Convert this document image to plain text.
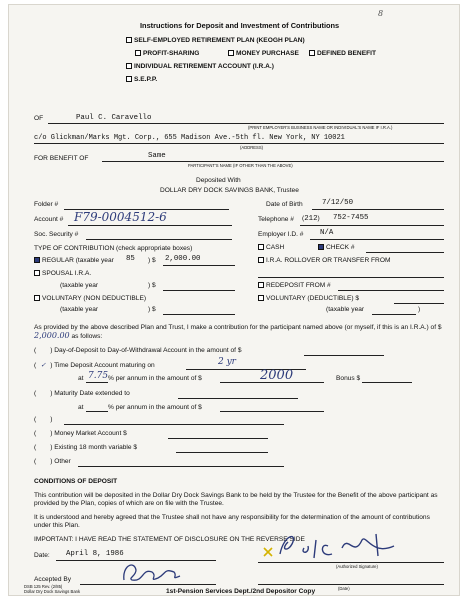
8
Instructions for Deposit and Investment of Contributions
SELF-EMPLOYED RETIREMENT PLAN (KEOGH PLAN)
PROFIT-SHARING	MONEY PURCHASE	DEFINED BENEFIT
INDIVIDUAL RETIREMENT ACCOUNT (I.R.A.)
S.E.P.P.
OF	Paul C. Caravello
(PRINT EMPLOYER'S BUSINESS NAME OR INDIVIDUAL'S NAME IF I.R.A.)
c/o Glickman/Marks Mgt. Corp., 655 Madison Ave.-5th fl. New York, NY 10021
(ADDRESS)
FOR BENEFIT OF	Same
PARTICIPANT'S NAME (IF OTHER THAN THE ABOVE)
Deposited With
DOLLAR DRY DOCK SAVINGS BANK, Trustee
Folder #	Date of Birth	7/12/50
Account # F79-0004512-6	Telephone # (212) 752-7455
Soc. Security #	Employer I.D. # N/A
TYPE OF CONTRIBUTION (check appropriate boxes)	CASH	CHECK #
REGULAR (taxable year 85 ) $ 2,000.00	I.R.A. ROLLOVER OR TRANSFER FROM
SPOUSAL I.R.A.
(taxable year	) $	REDEPOSIT FROM #
VOLUNTARY (NON DEDUCTIBLE)
(taxable year	) $
VOLUNTARY (DEDUCTIBLE) $
(taxable year	)
As provided by the above described Plan and Trust, I make a contribution for the participant named above (or myself, if this is an I.R.A.) of $ 2,000.00 as follows:
( ) Day-of-Deposit to Day-of-Withdrawal Account in the amount of $
( ✓ ) Time Deposit Account maturing on	2 yr
at 7.75 % per annum in the amount of $	2000	Bonus $
( ) Maturity Date extended to
at	% per annum in the amount of $
( )
( ) Money Market Account $
( ) Existing 18 month variable $
( ) Other
CONDITIONS OF DEPOSIT
This contribution will be deposited in the Dollar Dry Dock Savings Bank to be held by the Trustee for the Benefit of the above participant as provided by the Plan, copies of which are on file with the Trustee.
It is understood and hereby agreed that the Trustee shall not have any responsibility for the determination of the amount of contributions under this Plan.
IMPORTANT: I HAVE READ THE STATEMENT OF DISCLOSURE ON THE REVERSE SIDE
Date: April 8, 1986
(Authorized Signature)
Accepted By
(Date)
DSB 125 Rev. (2/85)
Dollar Dry Dock Savings Bank	1st-Pension Services Dept./2nd Depositor Copy
